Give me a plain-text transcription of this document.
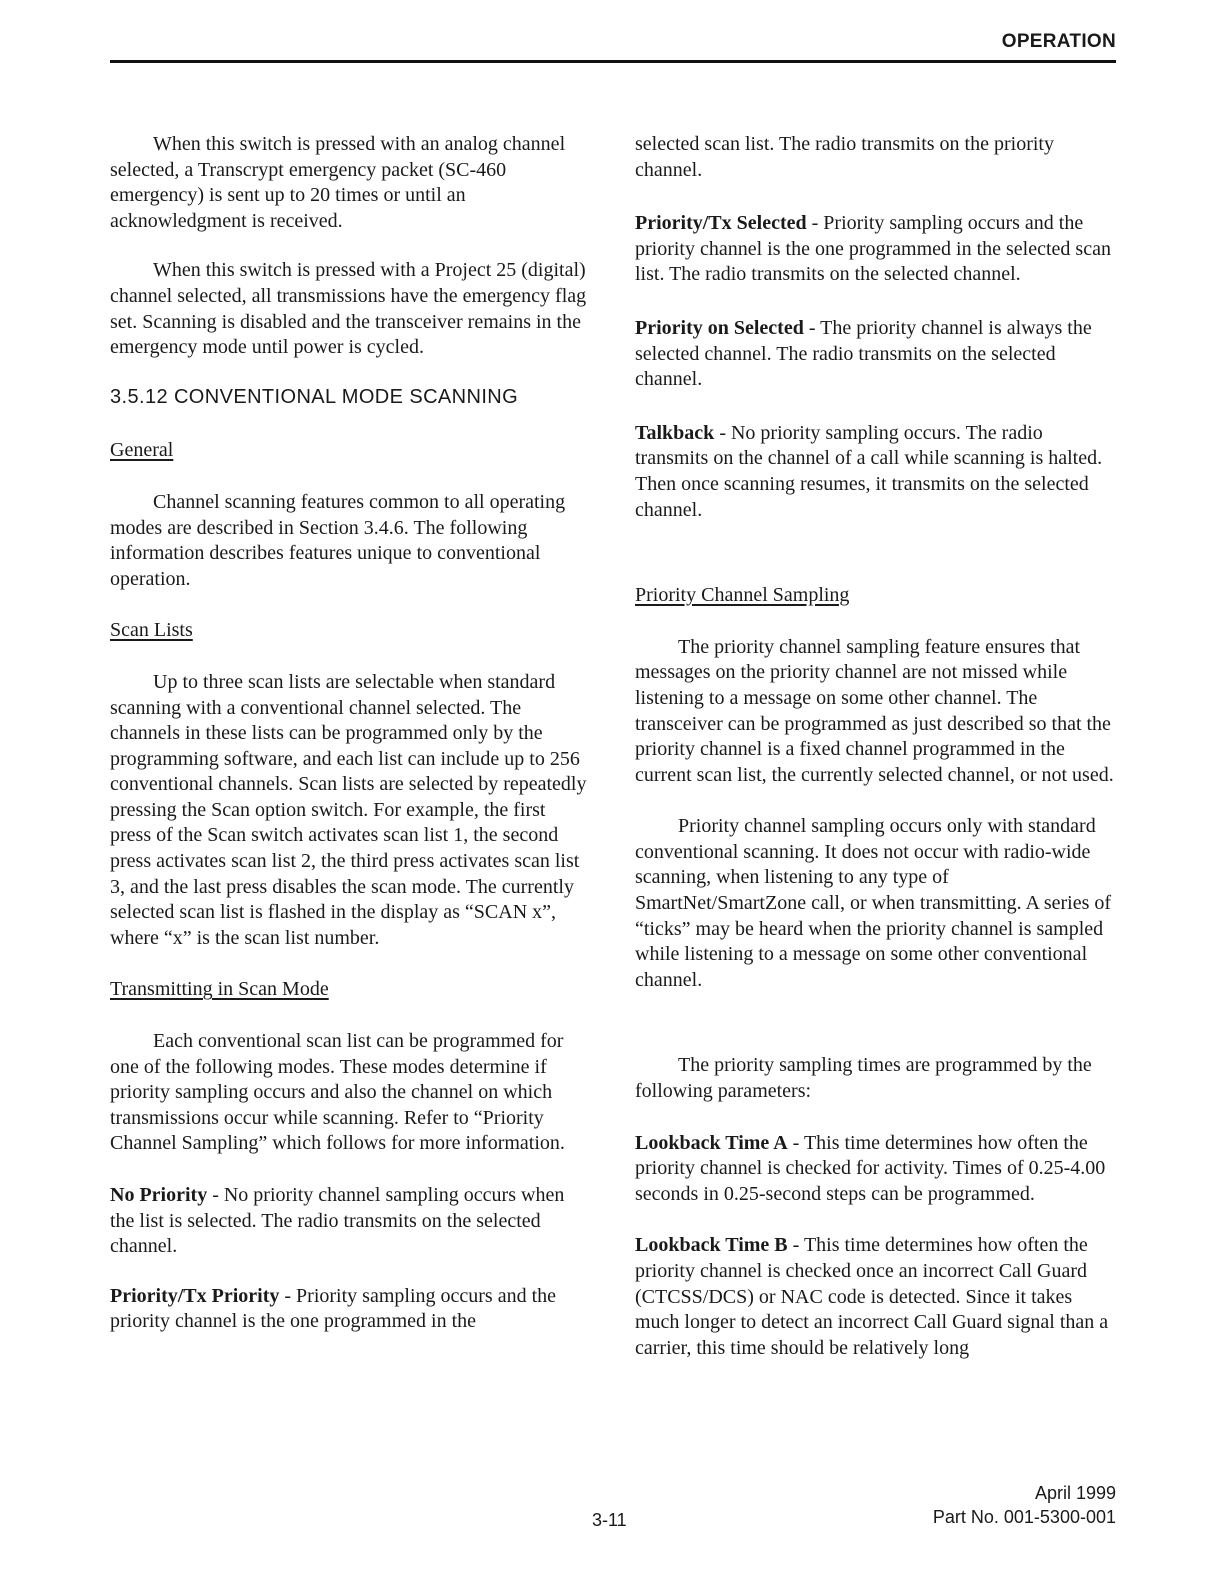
OPERATION

When this switch is pressed with an analog channel selected, a Transcrypt emergency packet (SC-460 emergency) is sent up to 20 times or until an acknowledgment is received.

When this switch is pressed with a Project 25 (digital) channel selected, all transmissions have the emergency flag set. Scanning is disabled and the transceiver remains in the emergency mode until power is cycled.

3.5.12 CONVENTIONAL MODE SCANNING

General

Channel scanning features common to all operating modes are described in Section 3.4.6. The following information describes features unique to conventional operation.

Scan Lists

Up to three scan lists are selectable when standard scanning with a conventional channel selected. The channels in these lists can be programmed only by the programming software, and each list can include up to 256 conventional channels. Scan lists are selected by repeatedly pressing the Scan option switch. For example, the first press of the Scan switch activates scan list 1, the second press activates scan list 2, the third press activates scan list 3, and the last press disables the scan mode. The currently selected scan list is flashed in the display as “SCAN x”, where “x” is the scan list number.

Transmitting in Scan Mode

Each conventional scan list can be programmed for one of the following modes. These modes determine if priority sampling occurs and also the channel on which transmissions occur while scanning. Refer to “Priority Channel Sampling” which follows for more information.

No Priority - No priority channel sampling occurs when the list is selected. The radio transmits on the selected channel.

Priority/Tx Priority - Priority sampling occurs and the priority channel is the one programmed in the

selected scan list. The radio transmits on the priority channel.

Priority/Tx Selected - Priority sampling occurs and the priority channel is the one programmed in the selected scan list. The radio transmits on the selected channel.

Priority on Selected - The priority channel is always the selected channel. The radio transmits on the selected channel.

Talkback - No priority sampling occurs. The radio transmits on the channel of a call while scanning is halted. Then once scanning resumes, it transmits on the selected channel.

Priority Channel Sampling

The priority channel sampling feature ensures that messages on the priority channel are not missed while listening to a message on some other channel. The transceiver can be programmed as just described so that the priority channel is a fixed channel programmed in the current scan list, the currently selected channel, or not used.

Priority channel sampling occurs only with standard conventional scanning. It does not occur with radio-wide scanning, when listening to any type of SmartNet/SmartZone call, or when transmitting. A series of “ticks” may be heard when the priority channel is sampled while listening to a message on some other conventional channel.

The priority sampling times are programmed by the following parameters:

Lookback Time A - This time determines how often the priority channel is checked for activity. Times of 0.25-4.00 seconds in 0.25-second steps can be programmed.

Lookback Time B - This time determines how often the priority channel is checked once an incorrect Call Guard (CTCSS/DCS) or NAC code is detected. Since it takes much longer to detect an incorrect Call Guard signal than a carrier, this time should be relatively long

April 1999
Part No. 001-5300-001
3-11
